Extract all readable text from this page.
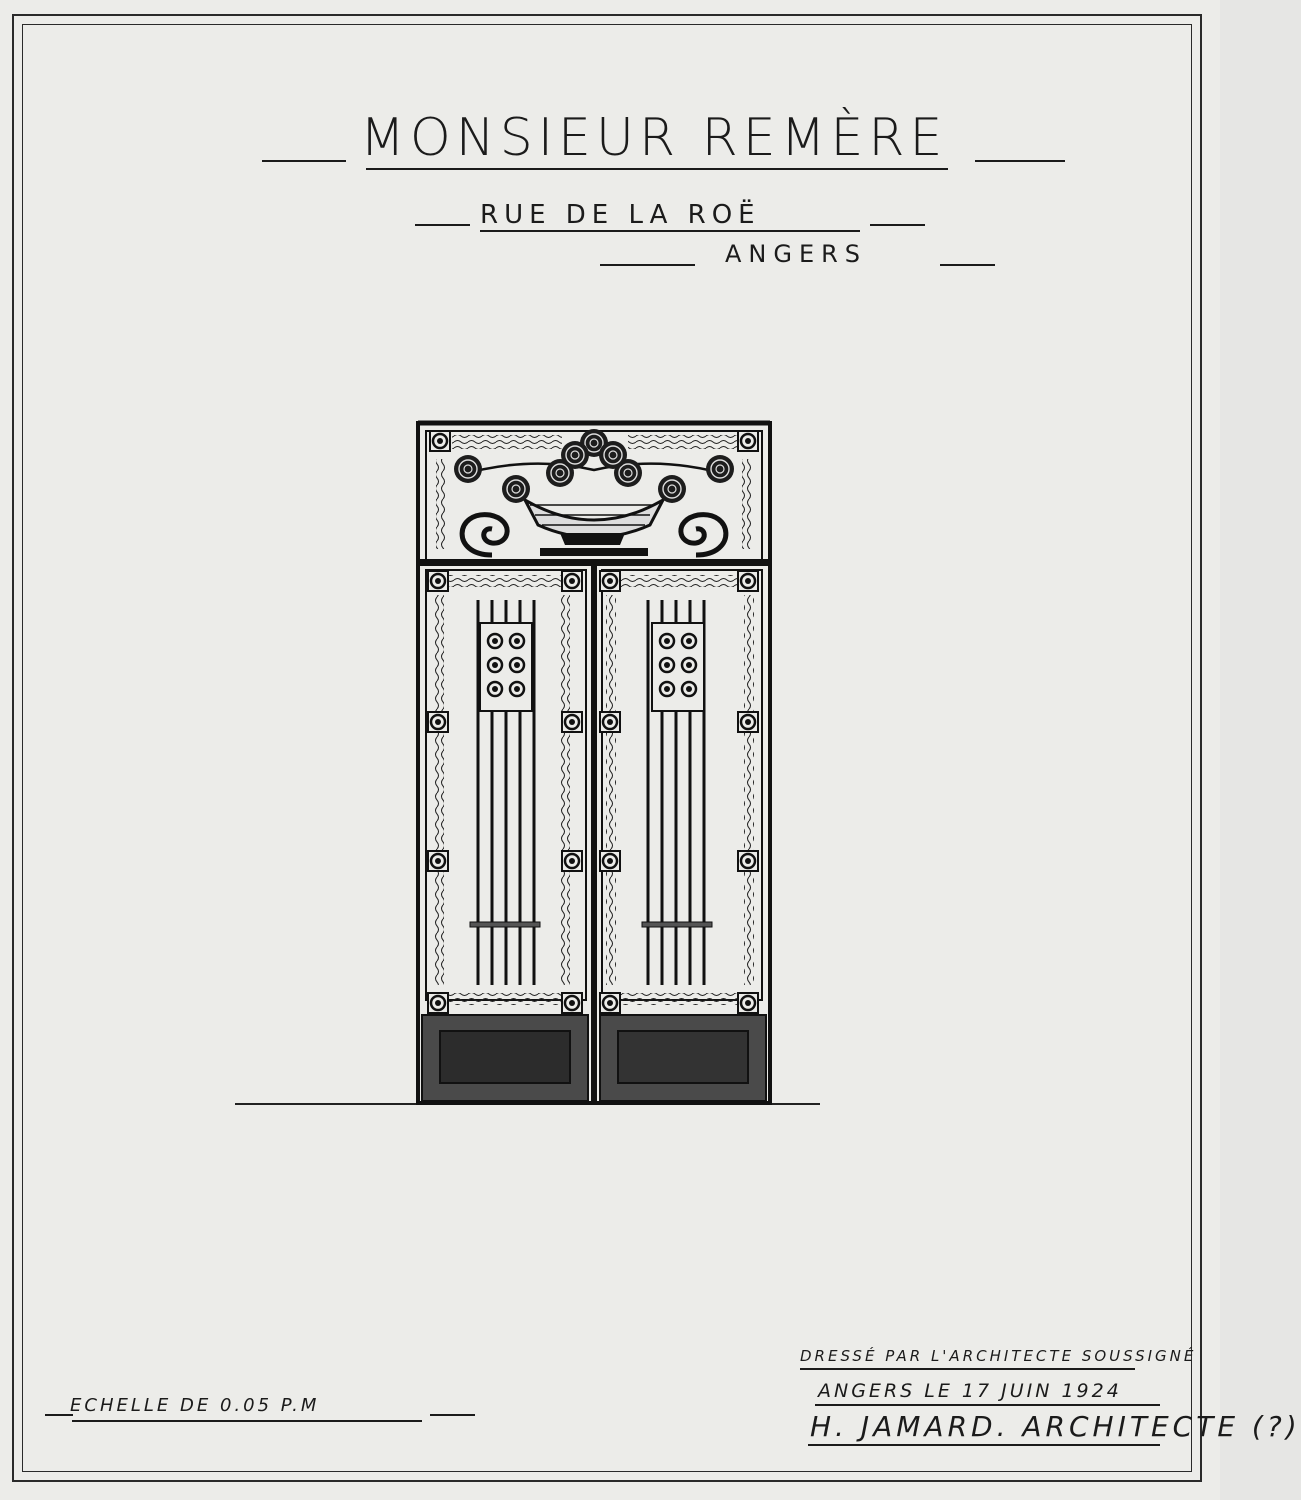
MONSIEUR REMÈRE
RUE DE LA ROË
ANGERS
ECHELLE DE 0.05 P.M
DRESSÉ PAR L'ARCHITECTE SOUSSIGNÉ
ANGERS LE 17 JUIN 1924
H. JAMARD. ARCHITECTE (?)
